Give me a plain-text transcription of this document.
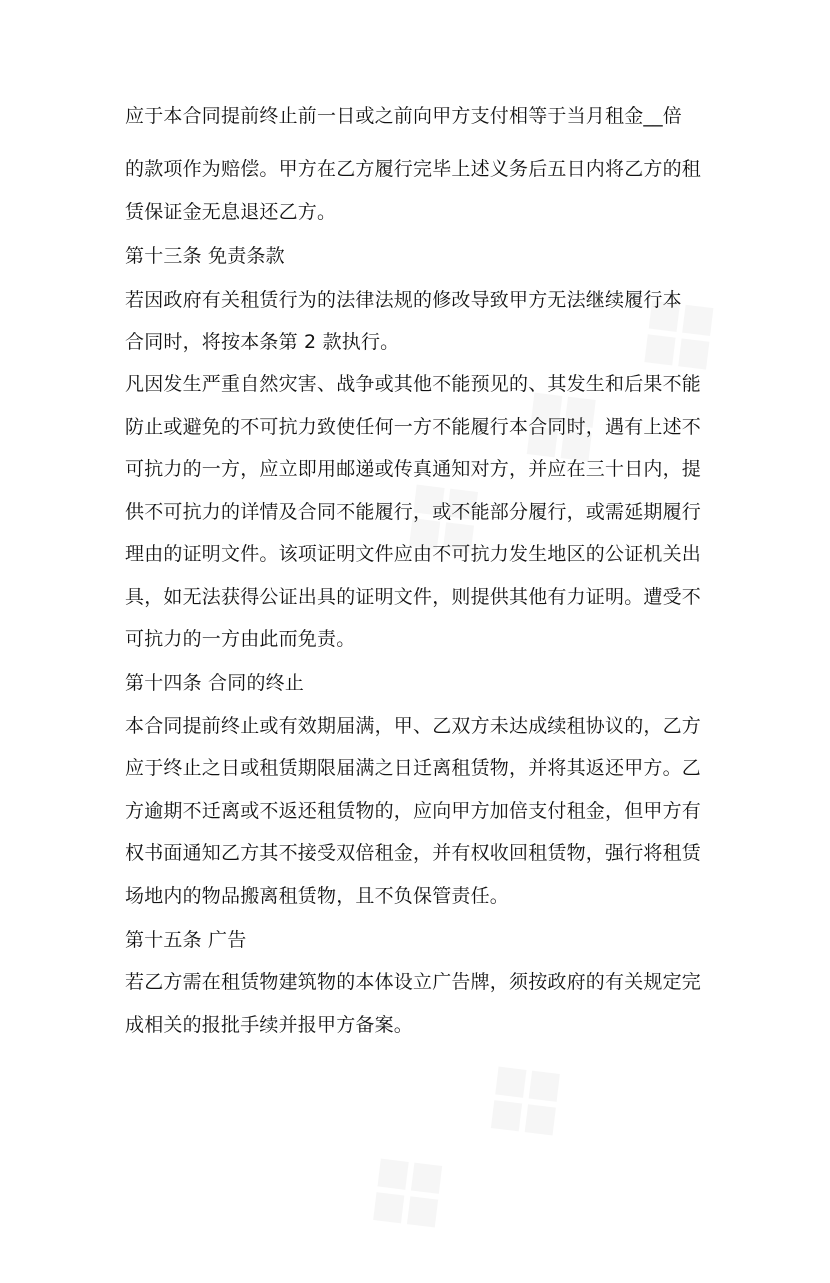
应于本合同提前终止前一日或之前向甲方支付相等于当月租金__倍
的款项作为赔偿。甲方在乙方履行完毕上述义务后五日内将乙方的租
赁保证金无息退还乙方。
第十三条 免责条款
若因政府有关租赁行为的法律法规的修改导致甲方无法继续履行本
合同时，将按本条第 2 款执行。
凡因发生严重自然灾害、战争或其他不能预见的、其发生和后果不能
防止或避免的不可抗力致使任何一方不能履行本合同时，遇有上述不
可抗力的一方，应立即用邮递或传真通知对方，并应在三十日内，提
供不可抗力的详情及合同不能履行，或不能部分履行，或需延期履行
理由的证明文件。该项证明文件应由不可抗力发生地区的公证机关出
具，如无法获得公证出具的证明文件，则提供其他有力证明。遭受不
可抗力的一方由此而免责。
第十四条 合同的终止
本合同提前终止或有效期届满，甲、乙双方未达成续租协议的，乙方
应于终止之日或租赁期限届满之日迁离租赁物，并将其返还甲方。乙
方逾期不迁离或不返还租赁物的，应向甲方加倍支付租金，但甲方有
权书面通知乙方其不接受双倍租金，并有权收回租赁物，强行将租赁
场地内的物品搬离租赁物，且不负保管责任。
第十五条 广告
若乙方需在租赁物建筑物的本体设立广告牌，须按政府的有关规定完
成相关的报批手续并报甲方备案。
